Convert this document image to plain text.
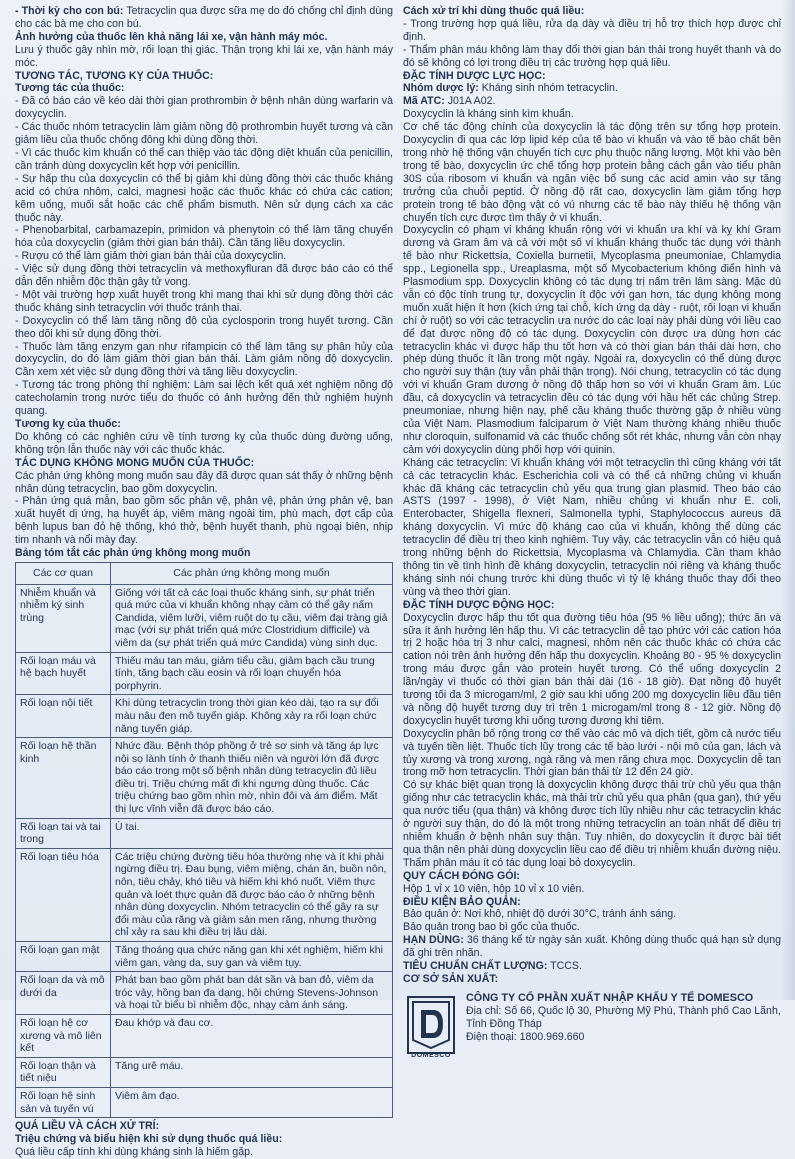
- Thời kỳ cho con bú: Tetracyclin qua được sữa mẹ do đó chống chỉ định dùng cho các bà mẹ cho con bú.

Ảnh hưởng của thuốc lên khả năng lái xe, vận hành máy móc.

Lưu ý thuốc gây nhìn mờ, rối loạn thị giác. Thận trọng khi lái xe, vận hành máy móc.

TƯƠNG TÁC, TƯƠNG KỴ CỦA THUỐC:

Tương tác của thuốc:

- Đã có báo cáo về kéo dài thời gian prothrombin ở bệnh nhân dùng warfarin và doxycyclin.

- Các thuốc nhóm tetracyclin làm giảm nồng độ prothrombin huyết tương và cần giảm liều của thuốc chống đông khi dùng đồng thời.

- Vì các thuốc kìm khuẩn có thể can thiệp vào tác động diệt khuẩn của penicillin, cần tránh dùng doxycyclin kết hợp với penicillin.

- Sự hấp thu của doxycyclin có thể bị giảm khi dùng đồng thời các thuốc kháng acid có chứa nhôm, calci, magnesi hoặc các thuốc khác có chứa các cation; kẽm uống, muối sắt hoặc các chế phẩm bismuth. Nên sử dụng cách xa các thuốc này.

- Phenobarbital, carbamazepin, primidon và phenytoin có thể làm tăng chuyển hóa của doxycyclin (giảm thời gian bán thải). Cần tăng liều doxycyclin.

- Rượu có thể làm giảm thời gian bán thải của doxycyclin.

- Việc sử dụng đồng thời tetracyclin và methoxyfluran đã được báo cáo có thể dẫn đến nhiễm độc thận gây tử vong.

- Một vài trường hợp xuất huyết trong khi mang thai khi sử dụng đồng thời các thuốc kháng sinh tetracyclin với thuốc tránh thai.

- Doxycyclin có thể làm tăng nồng độ của cyclosporin trong huyết tương. Cần theo dõi khi sử dụng đồng thời.

- Thuốc làm tăng enzym gan như rifampicin có thể làm tăng sự phân hủy của doxycyclin, do đó làm giảm thời gian bán thải. Làm giảm nồng độ doxycyclin. Cần xem xét việc sử dụng đồng thời và tăng liều doxycyclin.

- Tương tác trong phòng thí nghiệm: Làm sai lệch kết quả xét nghiệm nồng độ catecholamin trong nước tiểu do thuốc có ảnh hưởng đến thử nghiệm huỳnh quang.

Tương kỵ của thuốc:

Do không có các nghiên cứu về tính tương kỵ của thuốc dùng đường uống, không trộn lẫn thuốc này với các thuốc khác.

TÁC DỤNG KHÔNG MONG MUỐN CỦA THUỐC:

Các phản ứng không mong muốn sau đây đã được quan sát thấy ở những bệnh nhân dùng tetracyclin, bao gồm doxycyclin.

- Phản ứng quá mẫn, bao gồm sốc phản vệ, phản vệ, phản ứng phản vệ, ban xuất huyết dị ứng, hạ huyết áp, viêm màng ngoài tim, phù mạch, đợt cấp của bệnh lupus ban đỏ hệ thống, khó thở, bệnh huyết thanh, phù ngoại biên, nhịp tim nhanh và nổi mày đay.

Bảng tóm tắt các phản ứng không mong muốn

Các cơ quan	Các phản ứng không mong muốn
Nhiễm khuẩn và nhiễm ký sinh trùng	Giống với tất cả các loại thuốc kháng sinh, sự phát triển quá mức của vi khuẩn không nhạy cảm có thể gây nấm Candida, viêm lưỡi, viêm ruột do tụ cầu, viêm đại tràng giả mạc (với sự phát triển quá mức Clostridium difficile) và viêm da (sự phát triển quá mức Candida) vùng sinh dục.
Rối loạn máu và hệ bạch huyết	Thiếu máu tan máu, giảm tiểu cầu, giảm bạch cầu trung tính, tăng bạch cầu eosin và rối loạn chuyển hóa porphyrin.
Rối loạn nội tiết	Khi dùng tetracyclin trong thời gian kéo dài, tạo ra sự đổi màu nâu đen mô tuyến giáp. Không xảy ra rối loạn chức năng tuyến giáp.
Rối loạn hệ thần kinh	Nhức đầu. Bệnh thóp phồng ở trẻ sơ sinh và tăng áp lực nội sọ lành tính ở thanh thiếu niên và người lớn đã được báo cáo trong một số bệnh nhân dùng tetracyclin đủ liều điều trị. Triệu chứng mất đi khi ngưng dùng thuốc. Các triệu chứng bao gồm nhìn mờ, nhìn đôi và ám điểm. Mất thị lực vĩnh viễn đã được báo cáo.
Rối loạn tai và tai trong	Ù tai.
Rối loạn tiêu hóa	Các triệu chứng đường tiêu hóa thường nhẹ và ít khi phải ngừng điều trị. Đau bụng, viêm miệng, chán ăn, buồn nôn, nôn, tiêu chảy, khó tiêu và hiếm khi khó nuốt. Viêm thực quản và loét thực quản đã được báo cáo ở những bệnh nhân dùng doxycyclin. Nhóm tetracyclin có thể gây ra sự đổi màu của răng và giảm sản men răng, nhưng thường chỉ xảy ra sau khi điều trị lâu dài.
Rối loạn gan mật	Tăng thoáng qua chức năng gan khi xét nghiệm, hiếm khi viêm gan, vàng da, suy gan và viêm tụy.
Rối loạn da và mô dưới da	Phát ban bao gồm phát ban dát sần và ban đỏ, viêm da tróc vảy, hồng ban đa dạng, hội chứng Stevens-Johnson và hoại tử biểu bì nhiễm độc, nhạy cảm ánh sáng.
Rối loạn hệ cơ xương và mô liên kết	Đau khớp và đau cơ.
Rối loạn thận và tiết niệu	Tăng urê máu.
Rối loạn hệ sinh sản và tuyến vú	Viêm âm đạo.

QUÁ LIỀU VÀ CÁCH XỬ TRÍ:

Triệu chứng và biểu hiện khi sử dụng thuốc quá liều:

Quá liều cấp tính khi dùng kháng sinh là hiếm gặp.

Cách xử trí khi dùng thuốc quá liều:

- Trong trường hợp quá liều, rửa dạ dày và điều trị hỗ trợ thích hợp được chỉ định.

- Thẩm phân máu không làm thay đổi thời gian bán thải trong huyết thanh và do đó sẽ không có lợi trong điều trị các trường hợp quá liều.

ĐẶC TÍNH DƯỢC LỰC HỌC:

Nhóm dược lý: Kháng sinh nhóm tetracyclin.

Mã ATC: J01A A02.

Doxycyclin là kháng sinh kìm khuẩn.

Cơ chế tác động chính của doxycyclin là tác động trên sự tổng hợp protein. Doxycyclin đi qua các lớp lipid kép của tế bào vi khuẩn và vào tế bào chất bên trong nhờ hệ thống vận chuyển tích cực phụ thuộc năng lượng. Một khi vào bên trong tế bào, doxycyclin ức chế tổng hợp protein bằng cách gắn vào tiểu phân 30S của ribosom vi khuẩn và ngăn việc bổ sung các acid amin vào sự tăng trưởng của chuỗi peptid. Ở nồng độ rất cao, doxycyclin làm giảm tổng hợp protein trong tế bào động vật có vú nhưng các tế bào này thiếu hệ thống vận chuyển tích cực được tìm thấy ở vi khuẩn.

Doxycyclin có phạm vi kháng khuẩn rộng với vi khuẩn ưa khí và kỵ khí Gram dương và Gram âm và cả với một số vi khuẩn kháng thuốc tác dụng với thành tế bào như Rickettsia, Coxiella burnetii, Mycoplasma pneumoniae, Chlamydia spp., Legionella spp., Ureaplasma, một số Mycobacterium không điển hình và Plasmodium spp. Doxycyclin không có tác dụng trị nấm trên lâm sàng. Mặc dù vẫn có độc tính trung tự, doxycyclin ít độc với gan hơn, tác dụng không mong muốn xuất hiện ít hơn (kích ứng tại chỗ, kích ứng dạ dày - ruột, rối loạn vi khuẩn chí ở ruột) so với các tetracyclin ưa nước do các loại này phải dùng với liều cao để đạt được nồng độ có tác dụng. Doxycyclin còn được ưa dùng hơn các tetracyclin khác vì được hấp thu tốt hơn và có thời gian bán thải dài hơn, cho phép dùng thuốc ít lần trong một ngày. Ngoài ra, doxycyclin có thể dùng được cho người suy thận (tuy vẫn phải thận trọng). Nói chung, tetracyclin có tác dụng với vi khuẩn Gram dương ở nồng độ thấp hơn so với vi khuẩn Gram âm. Lúc đầu, cả doxycyclin và tetracyclin đều có tác dụng với hầu hết các chủng Strep. pneumoniae, nhưng hiện nay, phế cầu kháng thuốc thường gặp ở nhiều vùng của Việt Nam. Plasmodium falciparum ở Việt Nam thường kháng nhiều thuốc như cloroquin, sulfonamid và các thuốc chống sốt rét khác, nhưng vẫn còn nhạy cảm với doxycyclin dùng phối hợp với quinin.

Kháng các tetracyclin: Vi khuẩn kháng với một tetracyclin thì cũng kháng với tất cả các tetracyclin khác. Escherichia coli và có thể cả những chủng vi khuẩn khác đã kháng các tetracyclin chủ yếu qua trung gian plasmid. Theo báo cáo ASTS (1997 - 1998), ở Việt Nam, nhiều chủng vi khuẩn như E. coli, Enterobacter, Shigella flexneri, Salmonella typhi, Staphylococcus aureus đã kháng doxycyclin. Vì mức độ kháng cao của vi khuẩn, không thể dùng các tetracyclin để điều trị theo kinh nghiệm. Tuy vậy, các tetracyclin vẫn có hiệu quả trong những bệnh do Rickettsia, Mycoplasma và Chlamydia. Cần tham khảo thông tin về tình hình đề kháng doxycyclin, tetracyclin nói riêng và kháng thuốc kháng sinh nói chung trước khi dùng thuốc vì tỷ lệ kháng thuốc thay đổi theo vùng và theo thời gian.

ĐẶC TÍNH DƯỢC ĐỘNG HỌC:

Doxycyclin được hấp thu tốt qua đường tiêu hóa (95 % liều uống); thức ăn và sữa ít ảnh hưởng lên hấp thu. Vì các tetracyclin dễ tạo phức với các cation hóa trị 2 hoặc hóa trị 3 như calci, magnesi, nhôm nên các thuốc khác có chứa các cation nói trên ảnh hưởng đến hấp thu doxycyclin. Khoảng 80 - 95 % doxycyclin trong máu được gắn vào protein huyết tương. Có thể uống doxycyclin 2 lần/ngày vì thuốc có thời gian bán thải dài (16 - 18 giờ). Đạt nồng độ huyết tương tối đa 3 microgam/ml, 2 giờ sau khi uống 200 mg doxycyclin liều đầu tiên và nồng độ huyết tương duy trì trên 1 microgam/ml trong 8 - 12 giờ. Nồng độ doxycyclin huyết tương khi uống tương đương khi tiêm.

Doxycyclin phân bố rộng trong cơ thể vào các mô và dịch tiết, gồm cả nước tiểu và tuyến tiền liệt. Thuốc tích lũy trong các tế bào lưới - nội mô của gan, lách và tủy xương và trong xương, ngà răng và men răng chưa mọc. Doxycyclin dễ tan trong mỡ hơn tetracyclin. Thời gian bán thải từ 12 đến 24 giờ.

Có sự khác biệt quan trọng là doxycyclin không được thải trừ chủ yếu qua thận giống như các tetracyclin khác, mà thải trừ chủ yếu qua phân (qua gan), thứ yếu qua nước tiểu (qua thận) và không được tích lũy nhiều như các tetracyclin khác ở người suy thận, do đó là một trong những tetracyclin an toàn nhất để điều trị nhiễm khuẩn ở bệnh nhân suy thận. Tuy nhiên, do doxycyclin ít được bài tiết qua thận nên phải dùng doxycyclin liều cao để điều trị nhiễm khuẩn đường niệu. Thẩm phân máu ít có tác dụng loại bỏ doxycyclin.

QUY CÁCH ĐÓNG GÓI:

Hộp 1 vỉ x 10 viên, hộp 10 vỉ x 10 viên.

ĐIỀU KIỆN BẢO QUẢN:

Bảo quản ở: Nơi khô, nhiệt độ dưới 30°C, tránh ánh sáng.

Bảo quản trong bao bì gốc của thuốc.

HẠN DÙNG: 36 tháng kể từ ngày sản xuất. Không dùng thuốc quá hạn sử dụng đã ghi trên nhãn.

TIÊU CHUẨN CHẤT LƯỢNG: TCCS.

CƠ SỞ SẢN XUẤT:

DOMESCO

CÔNG TY CỔ PHẦN XUẤT NHẬP KHẨU Y TẾ DOMESCO

Địa chỉ: Số 66, Quốc lộ 30, Phường Mỹ Phú, Thành phố Cao Lãnh, Tỉnh Đồng Tháp

Điện thoại: 1800.969.660
